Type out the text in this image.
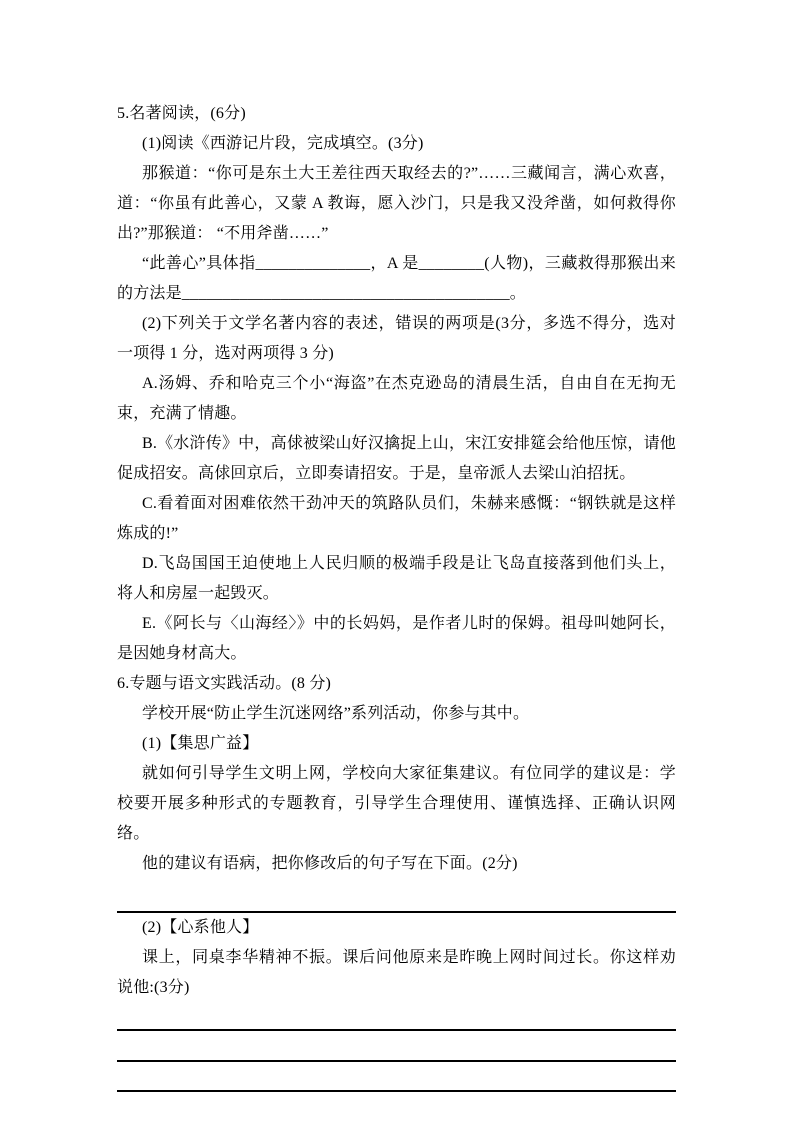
5.名著阅读，(6分)

(1)阅读《西游记片段，完成填空。(3分)

那猴道：“你可是东土大王差往西天取经去的?”……三藏闻言，满心欢喜，道：“你虽有此善心，又蒙 A 教诲，愿入沙门，只是我又没斧凿，如何救得你出?”那猴道： “不用斧凿……”

“此善心”具体指______________，A 是________(人物)，三藏救得那猴出来的方法是________________________________________。

(2)下列关于文学名著内容的表述，错误的两项是(3分，多选不得分，选对一项得 1 分，选对两项得 3 分)

A.汤姆、乔和哈克三个小“海盗”在杰克逊岛的清晨生活，自由自在无拘无束，充满了情趣。

B.《水浒传》中，高俅被梁山好汉擒捉上山，宋江安排筵会给他压惊，请他促成招安。高俅回京后，立即奏请招安。于是，皇帝派人去梁山泊招抚。

C.看着面对困难依然干劲冲天的筑路队员们，朱赫来感慨：“钢铁就是这样炼成的!”

D.飞岛国国王迫使地上人民归顺的极端手段是让飞岛直接落到他们头上，将人和房屋一起毁灭。

E.《阿长与〈山海经〉》中的长妈妈，是作者儿时的保姆。祖母叫她阿长，是因她身材高大。

6.专题与语文实践活动。(8 分)

学校开展“防止学生沉迷网络”系列活动，你参与其中。

(1)【集思广益】

就如何引导学生文明上网，学校向大家征集建议。有位同学的建议是：学校要开展多种形式的专题教育，引导学生合理使用、谨慎选择、正确认识网络。

他的建议有语病，把你修改后的句子写在下面。(2分)

(2)【心系他人】

课上，同桌李华精神不振。课后问他原来是昨晚上网时间过长。你这样劝说他:(3分)
